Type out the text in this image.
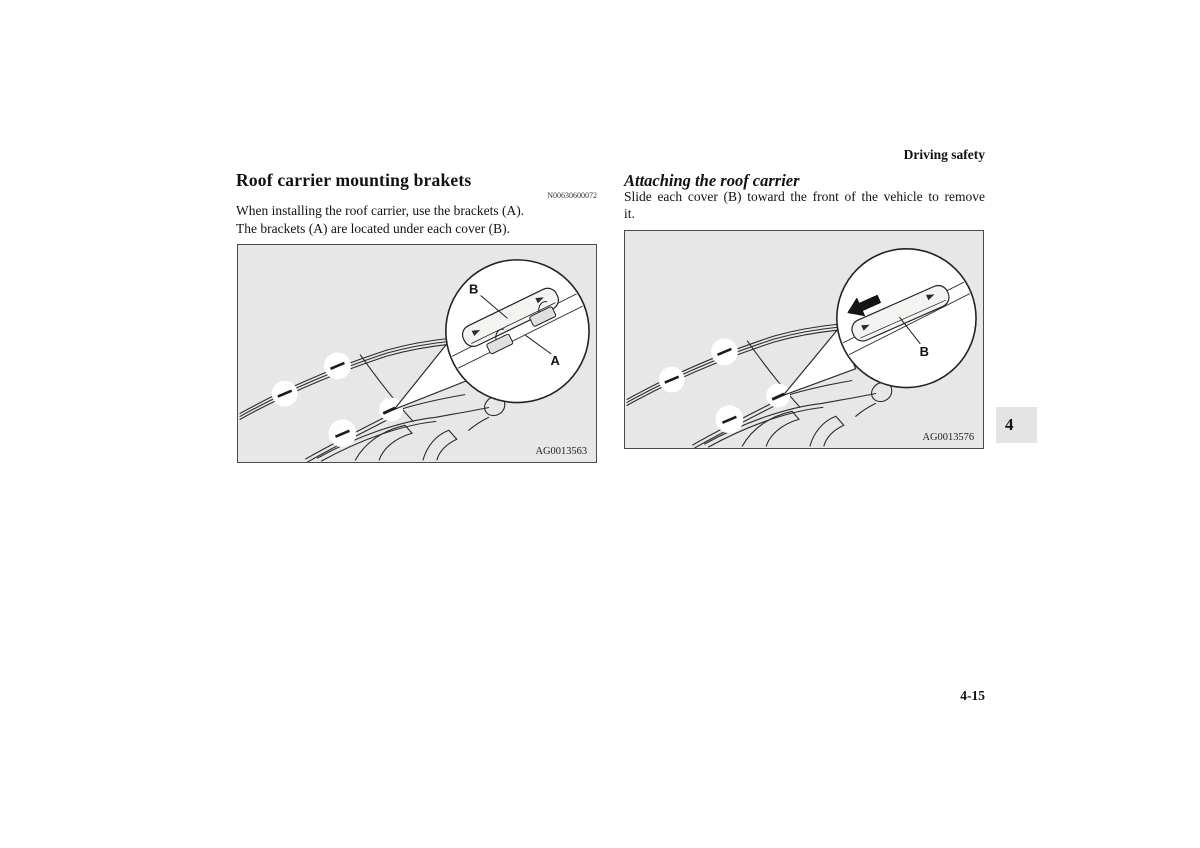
Driving safety
Roof carrier mounting brakets
N00630600072
When installing the roof carrier, use the brackets (A).
The brackets (A) are located under each cover (B).
Attaching the roof carrier
Slide each cover (B) toward the front of the vehicle to remove
it.
B
A
AG0013563
B
AG0013576
4
4-15
